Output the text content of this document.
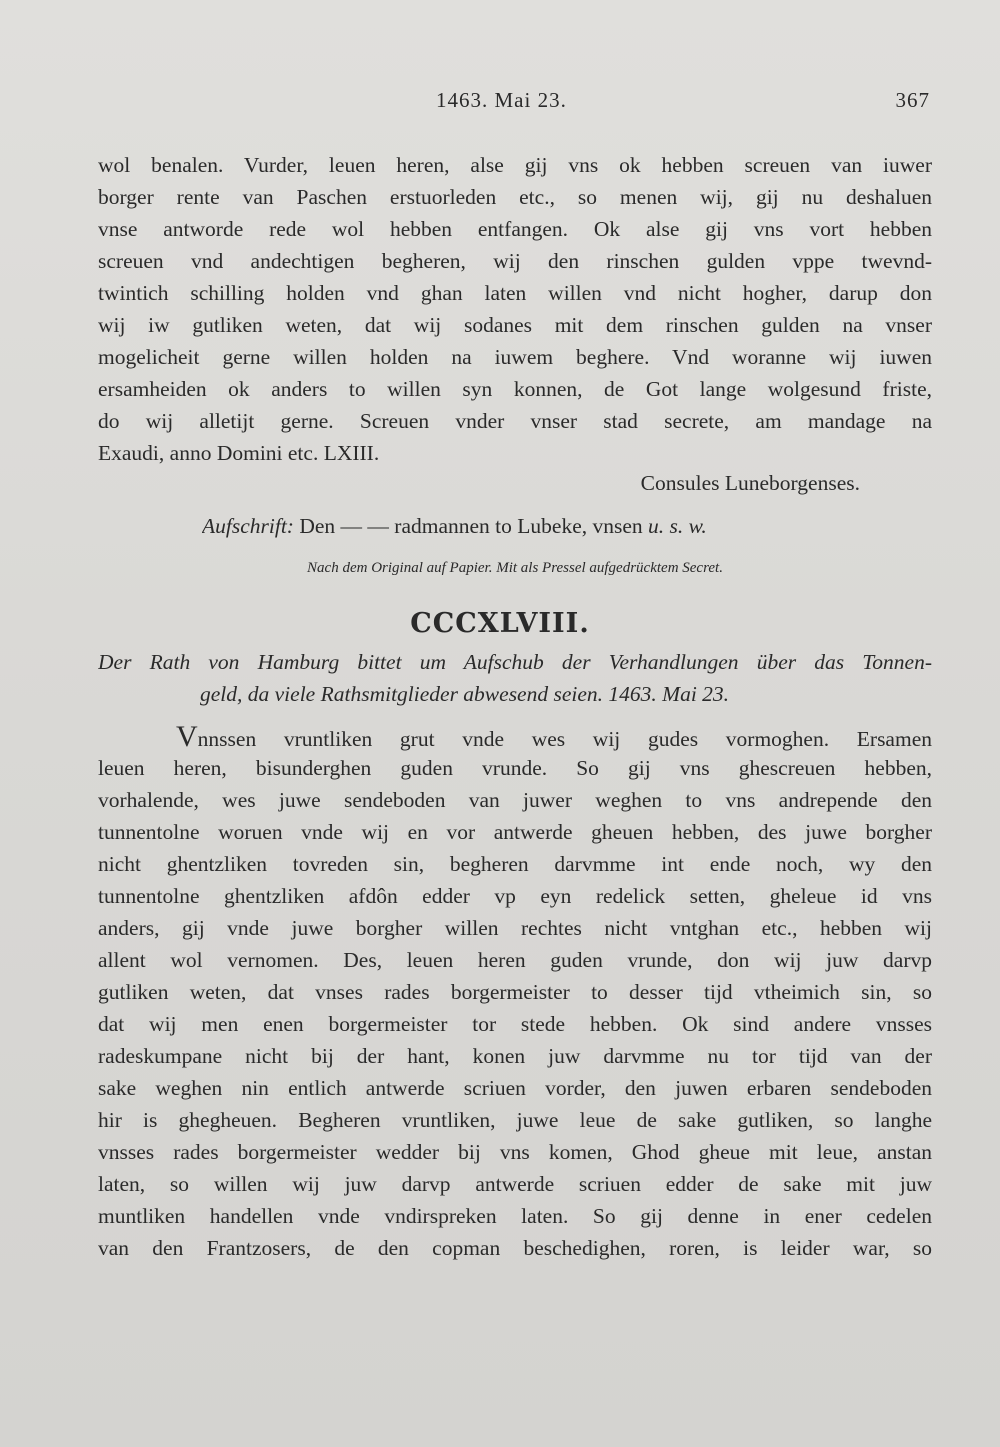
1463. Mai 23.	367
wol benalen. Vurder, leuen heren, alse gij vns ok hebben screuen van iuwer
borger rente van Paschen erstuorleden etc., so menen wij, gij nu deshaluen
vnse antworde rede wol hebben entfangen. Ok alse gij vns vort hebben
screuen vnd andechtigen begheren, wij den rinschen gulden vppe twevnd-
twintich schilling holden vnd ghan laten willen vnd nicht hogher, darup don
wij iw gutliken weten, dat wij sodanes mit dem rinschen gulden na vnser
mogelicheit gerne willen holden na iuwem beghere. Vnd woranne wij iuwen
ersamheiden ok anders to willen syn konnen, de Got lange wolgesund friste,
do wij alletijt gerne. Screuen vnder vnser stad secrete, am mandage na
Exaudi, anno Domini etc. LXIII.
Consules Luneborgenses.
Aufschrift: Den — — radmannen to Lubeke, vnsen u. s. w.
Nach dem Original auf Papier. Mit als Pressel aufgedrücktem Secret.
CCCXLVIII.
Der Rath von Hamburg bittet um Aufschub der Verhandlungen über das Tonnen-
geld, da viele Rathsmitglieder abwesend seien. 1463. Mai 23.
Vnnssen vruntliken grut vnde wes wij gudes vormoghen. Ersamen
leuen heren, bisunderghen guden vrunde. So gij vns ghescreuen hebben,
vorhalende, wes juwe sendeboden van juwer weghen to vns andrepende den
tunnentolne woruen vnde wij en vor antwerde gheuen hebben, des juwe borgher
nicht ghentzliken tovreden sin, begheren darvmme int ende noch, wy den
tunnentolne ghentzliken afdôn edder vp eyn redelick setten, gheleue id vns
anders, gij vnde juwe borgher willen rechtes nicht vntghan etc., hebben wij
allent wol vernomen. Des, leuen heren guden vrunde, don wij juw darvp
gutliken weten, dat vnses rades borgermeister to desser tijd vtheimich sin, so
dat wij men enen borgermeister tor stede hebben. Ok sind andere vnsses
radeskumpane nicht bij der hant, konen juw darvmme nu tor tijd van der
sake weghen nin entlich antwerde scriuen vorder, den juwen erbaren sendeboden
hir is ghegheuen. Begheren vruntliken, juwe leue de sake gutliken, so langhe
vnsses rades borgermeister wedder bij vns komen, Ghod gheue mit leue, anstan
laten, so willen wij juw darvp antwerde scriuen edder de sake mit juw
muntliken handellen vnde vndirspreken laten. So gij denne in ener cedelen
van den Frantzosers, de den copman beschedighen, roren, is leider war, so
